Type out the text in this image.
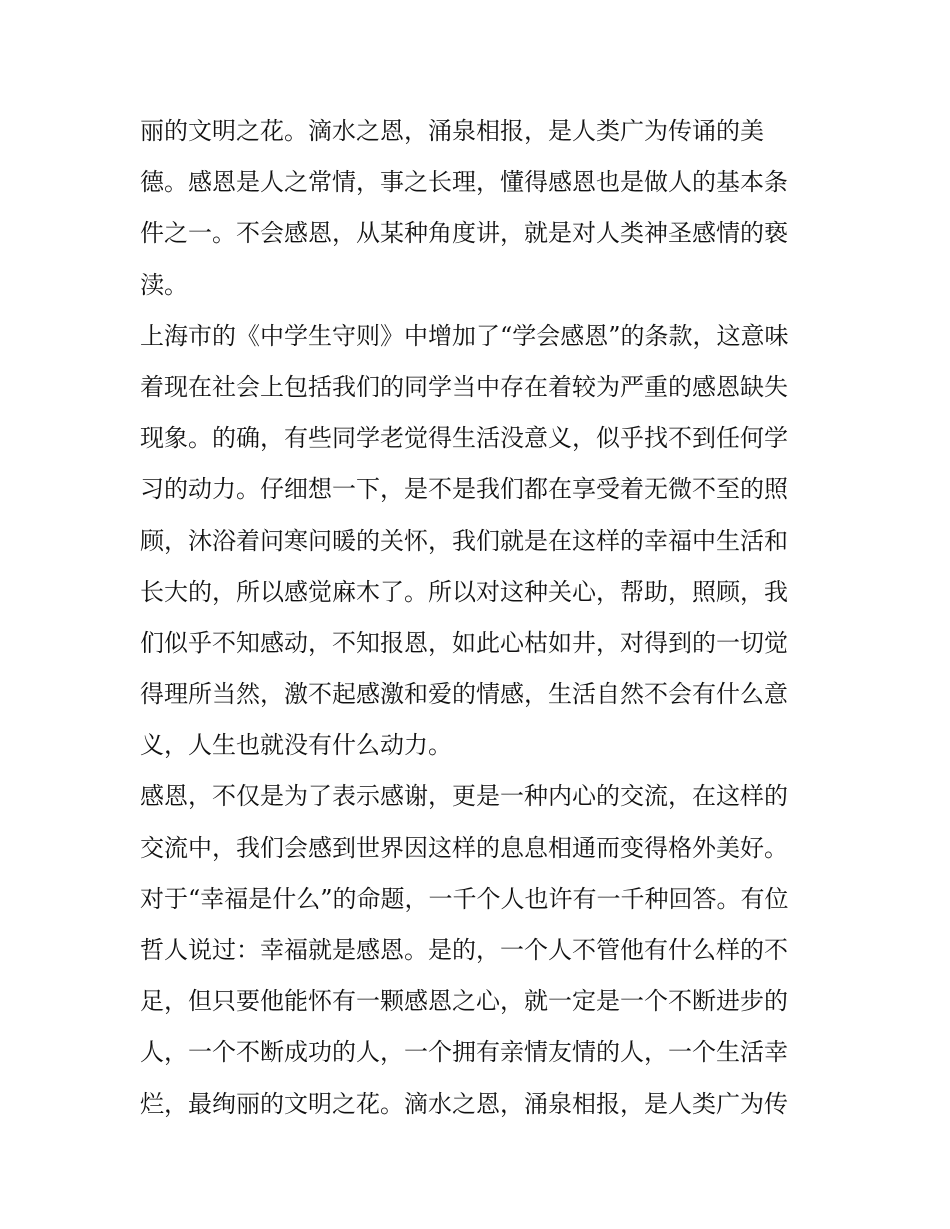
丽的文明之花。滴水之恩，涌泉相报，是人类广为传诵的美
德。感恩是人之常情，事之长理，懂得感恩也是做人的基本条
件之一。不会感恩，从某种角度讲，就是对人类神圣感情的亵
渎。
上海市的《中学生守则》中增加了“学会感恩”的条款，这意味
着现在社会上包括我们的同学当中存在着较为严重的感恩缺失
现象。的确，有些同学老觉得生活没意义，似乎找不到任何学
习的动力。仔细想一下，是不是我们都在享受着无微不至的照
顾，沐浴着问寒问暖的关怀，我们就是在这样的幸福中生活和
长大的，所以感觉麻木了。所以对这种关心，帮助，照顾，我
们似乎不知感动，不知报恩，如此心枯如井，对得到的一切觉
得理所当然，激不起感激和爱的情感，生活自然不会有什么意
义，人生也就没有什么动力。
感恩，不仅是为了表示感谢，更是一种内心的交流，在这样的
交流中，我们会感到世界因这样的息息相通而变得格外美好。
对于“幸福是什么”的命题，一千个人也许有一千种回答。有位
哲人说过：幸福就是感恩。是的，一个人不管他有什么样的不
足，但只要他能怀有一颗感恩之心，就一定是一个不断进步的
人，一个不断成功的人，一个拥有亲情友情的人，一个生活幸
烂，最绚丽的文明之花。滴水之恩，涌泉相报，是人类广为传
